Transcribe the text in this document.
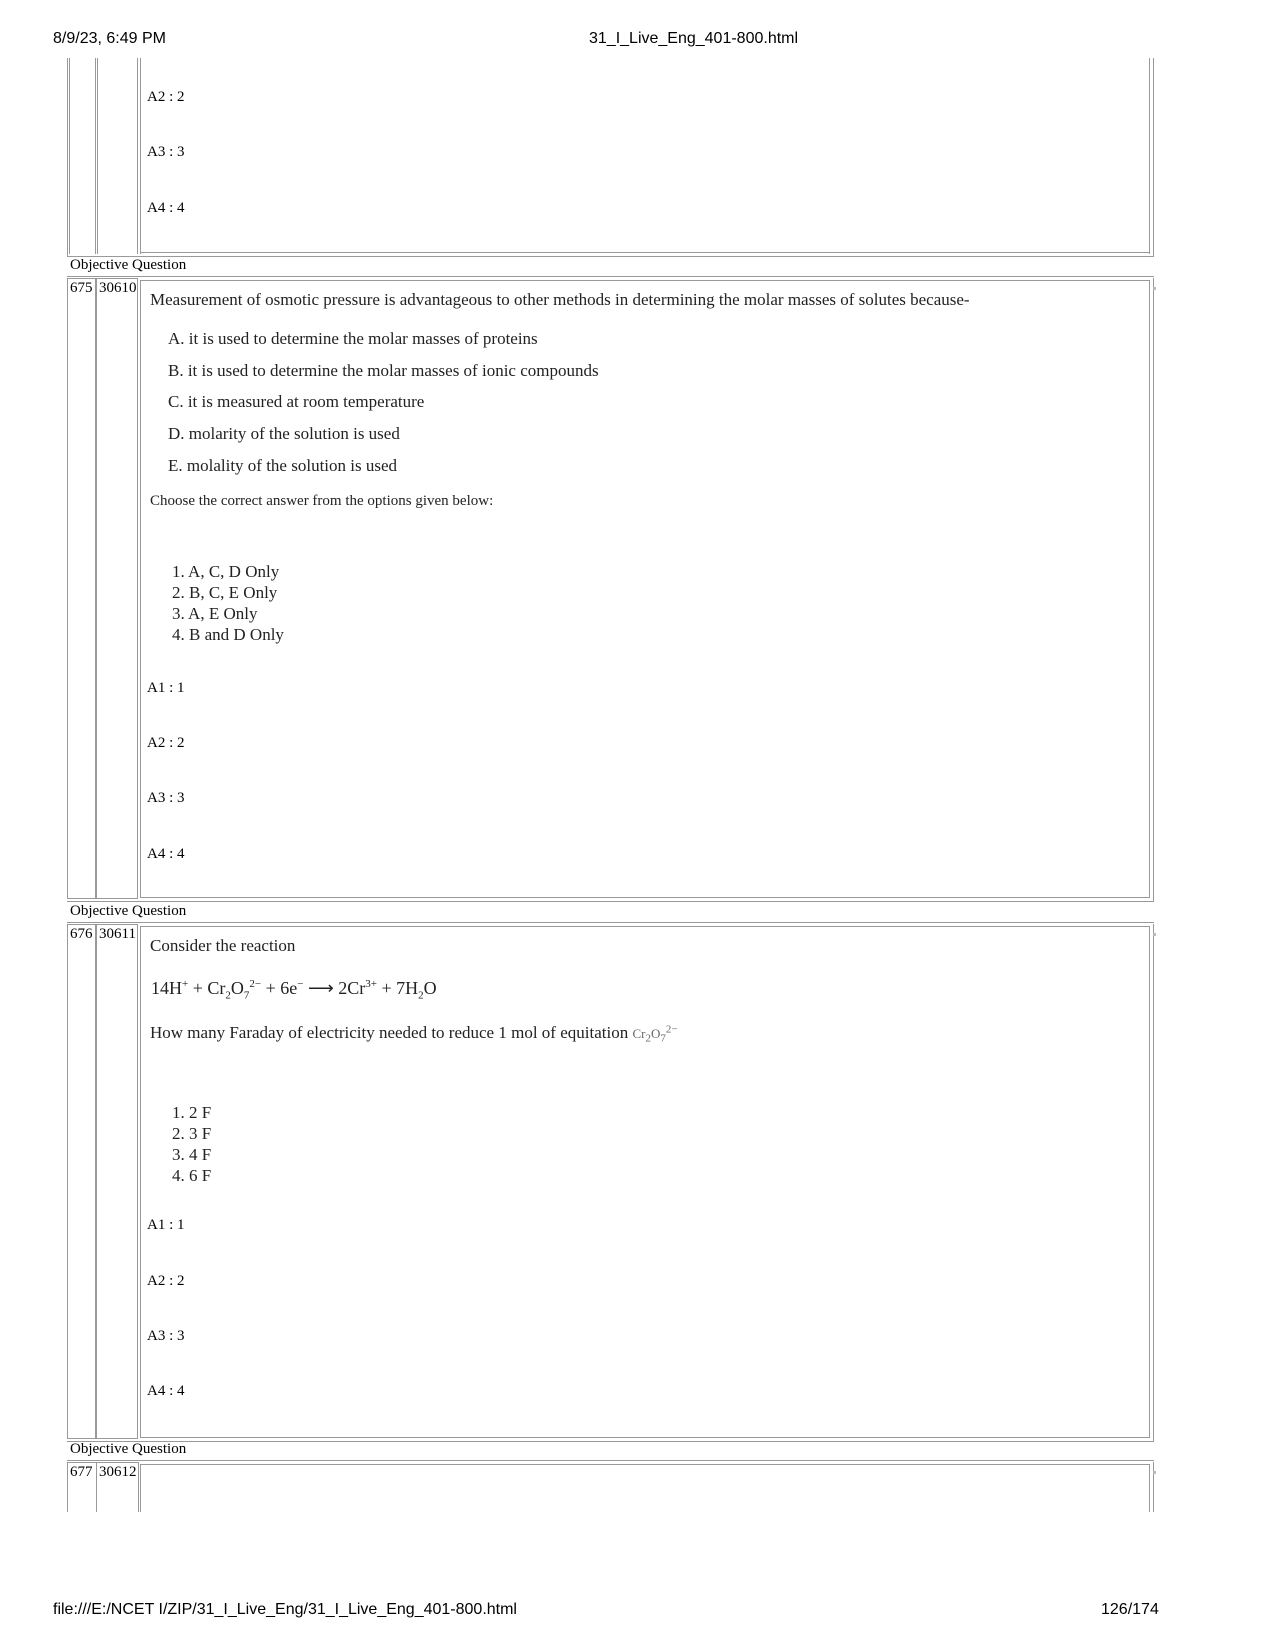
8/9/23, 6:49 PM	31_I_Live_Eng_401-800.html
A2 : 2
A3 : 3
A4 : 4
Objective Question
675 30610
Measurement of osmotic pressure is advantageous to other methods in determining the molar masses of solutes because-
A. it is used to determine the molar masses of proteins
B. it is used to determine the molar masses of ionic compounds
C. it is measured at room temperature
D. molarity of the solution is used
E. molality of the solution is used
Choose the correct answer from the options given below:
1. A, C, D Only
2. B, C, E Only
3. A, E Only
4. B and D Only
A1 : 1
A2 : 2
A3 : 3
A4 : 4
Objective Question
676 30611
Consider the reaction
$14H^+ + Cr_2O_7^{2-} + 6e^-$ ⟶ $2Cr^{3+} + 7H_2O$
How many Faraday of electricity needed to reduce 1 mol of equitation $Cr_2O_7^{2-}$
1. 2 F
2. 3 F
3. 4 F
4. 6 F
A1 : 1
A2 : 2
A3 : 3
A4 : 4
Objective Question
677 30612
file:///E:/NCET I/ZIP/31_I_Live_Eng/31_I_Live_Eng_401-800.html	126/174
